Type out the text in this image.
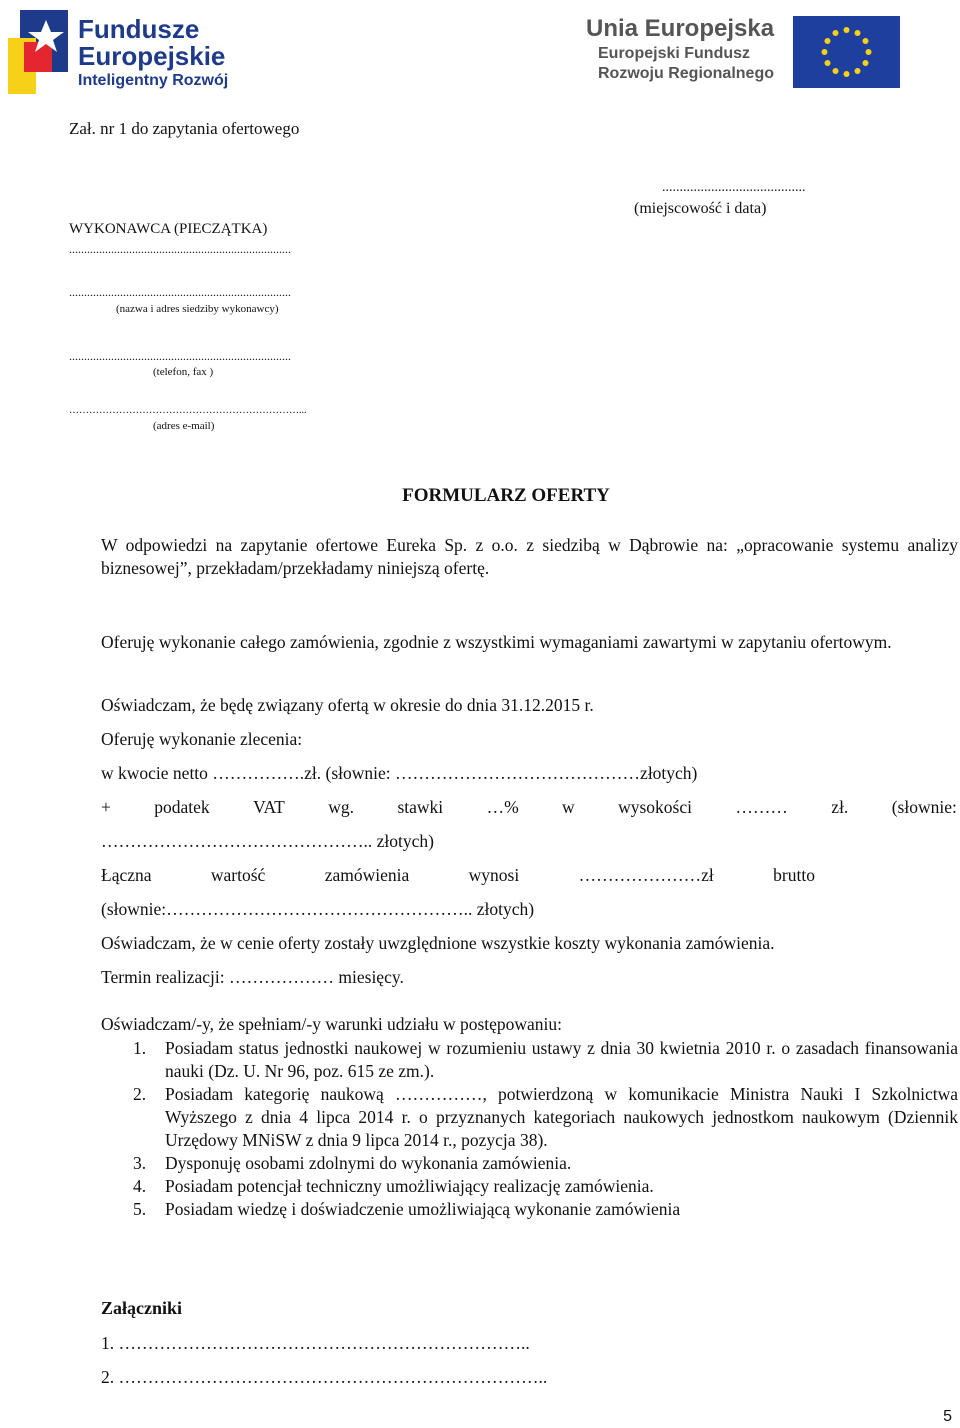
Fundusze
Europejskie
Inteligentny Rozwój
Unia Europejska
Europejski Fundusz
Rozwoju Regionalnego
Zał. nr 1 do zapytania ofertowego
.........................................
(miejscowość i data)
WYKONAWCA (PIECZĄTKA)
..........................................................................
..........................................................................
(nazwa i adres siedziby wykonawcy)
..........................................................................
(telefon, fax )
……………………………………………………………...
(adres e-mail)
FORMULARZ OFERTY
W odpowiedzi na zapytanie ofertowe Eureka Sp. z o.o. z siedzibą w Dąbrowie na: „opracowanie systemu analizy biznesowej”, przekładam/przekładamy niniejszą ofertę.
Oferuję wykonanie całego zamówienia, zgodnie z wszystkimi wymaganiami zawartymi w zapytaniu ofertowym.
Oświadczam, że będę związany ofertą w okresie do dnia 31.12.2015 r.
Oferuję wykonanie zlecenia:
w kwocie netto …………….zł. (słownie: ……………………………………złotych)
+ podatek VAT wg. stawki …% w wysokości ……… zł. (słownie:
……………………………………….. złotych)
Łączna	wartość	zamówienia	wynosi	…………………zł	brutto
(słownie:…………………………………………….. złotych)
Oświadczam, że w cenie oferty zostały uwzględnione wszystkie koszty wykonania zamówienia.
Termin realizacji: ……………… miesięcy.
Oświadczam/-y, że spełniam/-y warunki udziału w postępowaniu:
1. Posiadam status jednostki naukowej w rozumieniu ustawy z dnia 30 kwietnia 2010 r. o zasadach finansowania nauki (Dz. U. Nr 96, poz. 615 ze zm.).
2. Posiadam kategorię naukową ……………, potwierdzoną w komunikacie Ministra Nauki I Szkolnictwa Wyższego z dnia 4 lipca 2014 r. o przyznanych kategoriach naukowych jednostkom naukowym (Dziennik Urzędowy MNiSW z dnia 9 lipca 2014 r., pozycja 38).
3. Dysponuję osobami zdolnymi do wykonania zamówienia.
4. Posiadam potencjał techniczny umożliwiający realizację zamówienia.
5. Posiadam wiedzę i doświadczenie umożliwiającą wykonanie zamówienia
Załączniki
1. ……………………………………………………………..
2. ………………………………………………………………..
5
